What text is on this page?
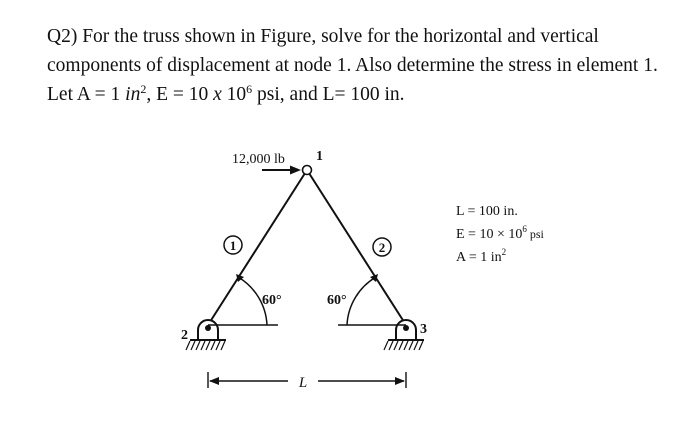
Q2) For the truss shown in Figure, solve for the horizontal and vertical
components of displacement at node 1. Also determine the stress in element 1.
Let A = 1 $in^2$, E = 10 x $10^6$ psi, and L= 100 in.
12,000 lb 1
1	2
2	3
60°	60°
L
L = 100 in.
$E = 10 \times 10^6$ psi
A = 1 $in^2$
